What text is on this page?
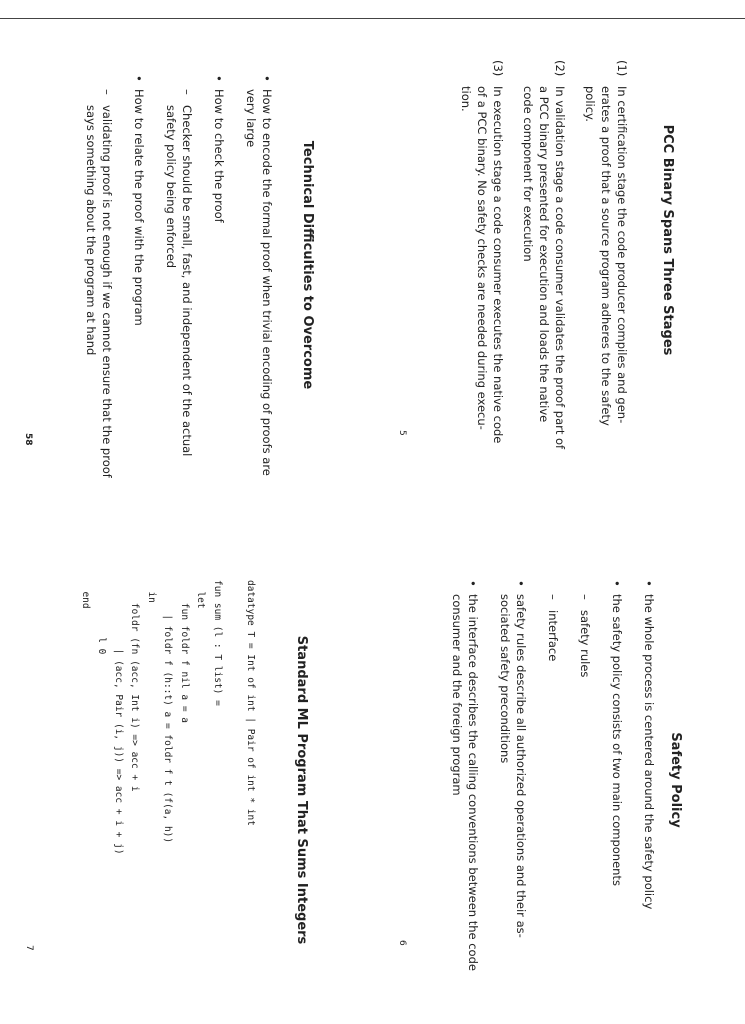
PCC Binary Spans Three Stages
(1)
In certification stage the code producer compiles and gen- erates a proof that a source program adheres to the safety policy.
(2)
In validation stage a code consumer validates the proof part of a PCC binary presented for execution and loads the native code component for execution
(3)
In execution stage a code consumer executes the native code of a PCC binary. No safety checks are needed during execu- tion.
5
Safety Policy
•
the whole process is centered around the safety policy
•
the safety policy consists of two main components
–
safety rules
–
interface
•
safety rules describe all authorized operations and their as- sociated safety preconditions
•
the interface describes the calling conventions between the code consumer and the foreign program
6
Technical Difficulties to Overcome
•
How to encode the formal proof when trivial encoding of proofs are very large
•
How to check the proof
–
Checker should be small, fast, and independent of the actual safety policy being enforced
•
How to relate the proof with the program
–
validating proof is not enough if we cannot ensure that the proof says something about the program at hand
58
Standard ML Program That Sums Integers
datatype T = Int of int | Pair of int * int

fun sum (l : T list) =
let
fun foldr f nil a = a
| foldr f (h::t) a = foldr f t (f(a, h))
in
foldr (fn (acc, Int i) => acc + i
| (acc, Pair (i, j)) => acc + i + j)
l 0
end
7
